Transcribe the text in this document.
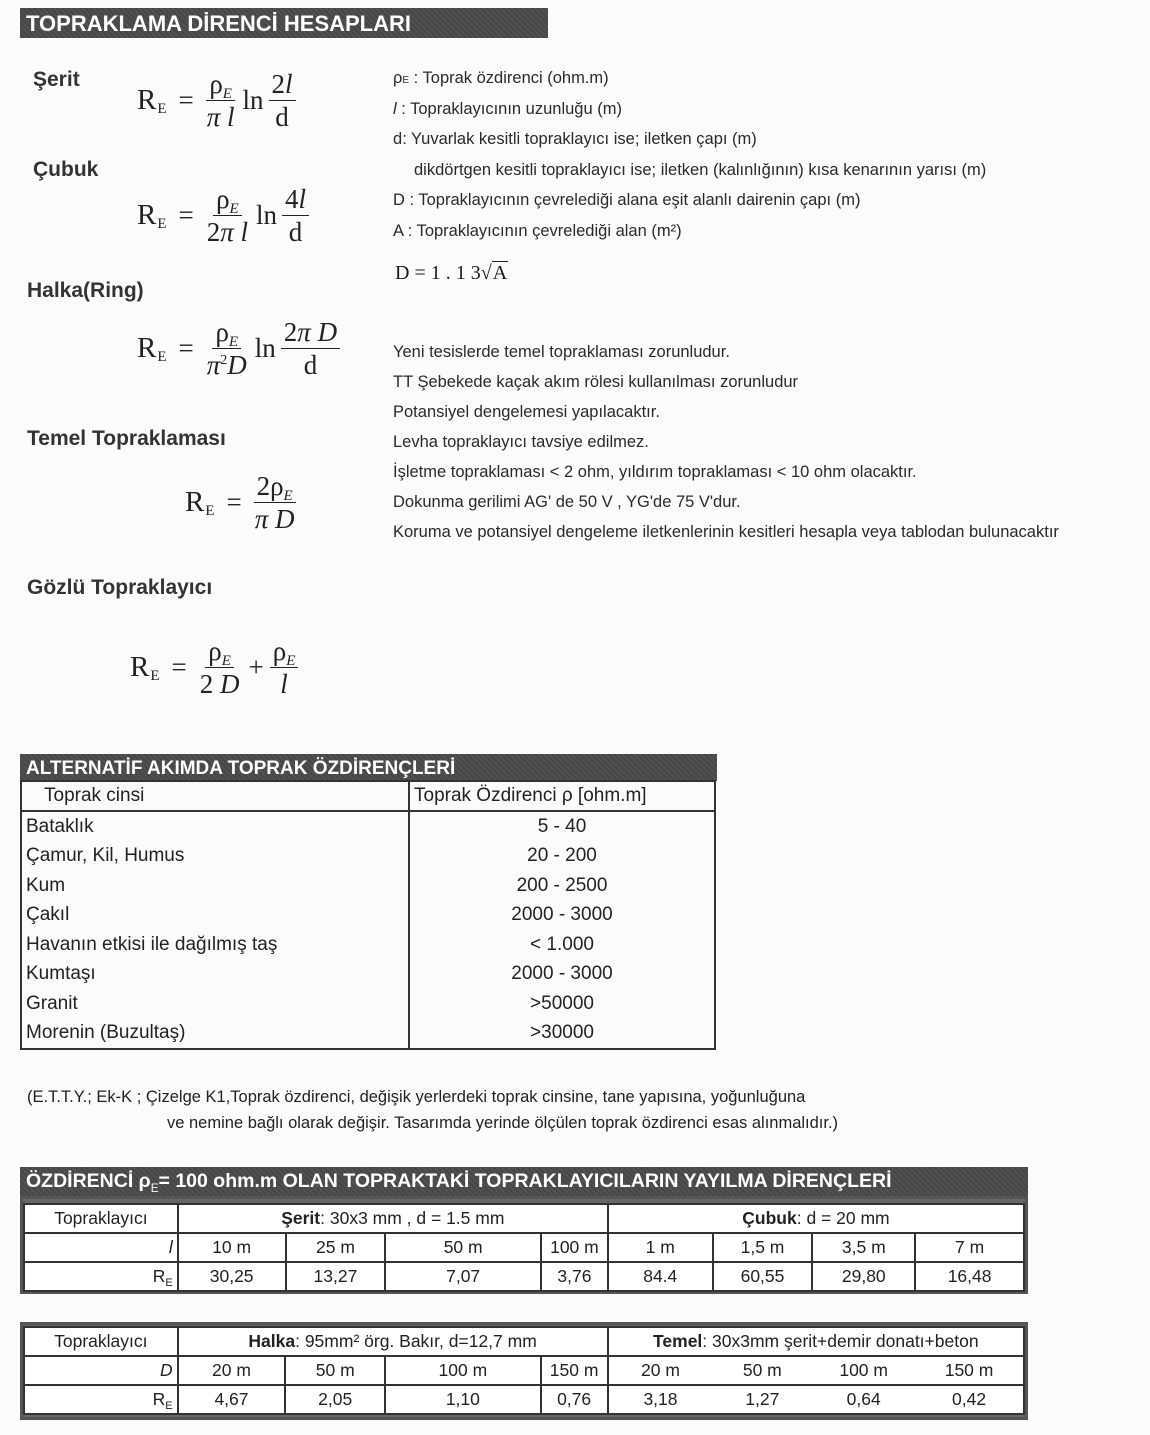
TOPRAKLAMA DİRENCİ HESAPLARI
Şerit
R $E = \frac{\rho E}{\text{π l}}$ $\ln \frac{2l}{d}$
Çubuk
R $E = \frac{\rho E}{\text{2π l}}$ $\ln \frac{4l}{d}$
Halka(Ring)
R $E = \frac{\rho E}{\pi^2D}$ $\ln \frac{\text{2π D}}{d}$
Temel Topraklaması
R $E = \frac{2\rho E}{\text{π D}}$
Gözlü Topraklayıcı
R $E = \frac{\rho E}{2 D} + \frac{\rho E}{l}$
ρE : Toprak özdirenci (ohm.m)
l : Topraklayıcının uzunluğu (m)
d: Yuvarlak kesitli topraklayıcı ise; iletken çapı (m)
dikdörtgen kesitli topraklayıcı ise; iletken (kalınlığının) kısa kenarının yarısı (m)
D : Topraklayıcının çevrelediği alana eşit alanlı dairenin çapı (m)
A : Topraklayıcının çevrelediği alan (m²)
D = 1 . 1 3√A
Yeni tesislerde temel topraklaması zorunludur.
TT Şebekede kaçak akım rölesi kullanılması zorunludur
Potansiyel dengelemesi yapılacaktır.
Levha topraklayıcı tavsiye edilmez.
İşletme topraklaması < 2 ohm, yıldırım topraklaması < 10 ohm olacaktır.
Dokunma gerilimi AG' de 50 V , YG'de 75 V'dur.
Koruma ve potansiyel dengeleme iletkenlerinin kesitleri hesapla veya tablodan bulunacaktır
ALTERNATİF AKIMDA TOPRAK ÖZDİRENÇLERİ
Toprak cinsi	Toprak Özdirenci ρ [ohm.m]
Bataklık	5 - 40
Çamur, Kil, Humus	20 - 200
Kum	200 - 2500
Çakıl	2000 - 3000
Havanın etkisi ile dağılmış taş	< 1.000
Kumtaşı	2000 - 3000
Granit	>50000
Morenin (Buzultaş)	>30000
(E.T.T.Y.; Ek-K ; Çizelge K1,Toprak özdirenci, değişik yerlerdeki toprak cinsine, tane yapısına, yoğunluğuna
ve nemine bağlı olarak değişir. Tasarımda yerinde ölçülen toprak özdirenci esas alınmalıdır.)
ÖZDİRENCİ $\rho_E= 100$ ohm.m OLAN TOPRAKTAKİ TOPRAKLAYICILARIN YAYILMA DİRENÇLERİ
Topraklayıcı	Şerit: 30x3 mm , d = 1.5 mm				Çubuk: d = 20 mm			
l	10 m	25 m	50 m	100 m	1 m	1,5 m	3,5 m	7 m
$R_E$	30,25	13,27	7,07	3,76	84.4	60,55	29,80	16,48
Topraklayıcı	Halka: 95mm² örg. Bakır, d=12,7 mm				Temel: 30x3mm şerit+demir donatı+beton			
D	20 m	50 m	100 m	150 m	20 m	50 m	100 m	150 m
$R_E$	4,67	2,05	1,10	0,76	3,18	1,27	0,64	0,42
